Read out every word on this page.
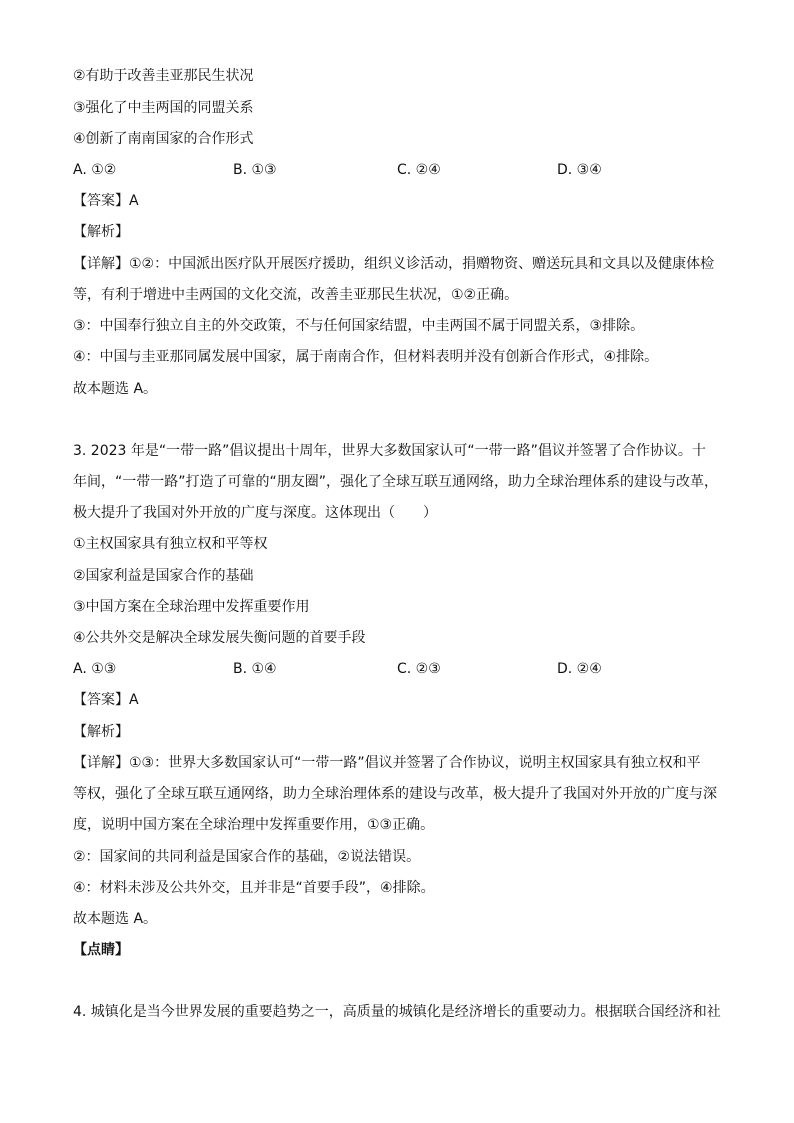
②有助于改善圭亚那民生状况
③强化了中圭两国的同盟关系
④创新了南南国家的合作形式
A. ①②	B. ①③	C. ②④	D. ③④
【答案】A
【解析】
【详解】①②：中国派出医疗队开展医疗援助，组织义诊活动，捐赠物资、赠送玩具和文具以及健康体检
等，有利于增进中圭两国的文化交流，改善圭亚那民生状况，①②正确。
③：中国奉行独立自主的外交政策，不与任何国家结盟，中圭两国不属于同盟关系，③排除。
④：中国与圭亚那同属发展中国家，属于南南合作，但材料表明并没有创新合作形式，④排除。
故本题选 A。
3. 2023 年是“一带一路”倡议提出十周年，世界大多数国家认可“一带一路”倡议并签署了合作协议。十
年间，“一带一路”打造了可靠的“朋友圈”，强化了全球互联互通网络，助力全球治理体系的建设与改革，
极大提升了我国对外开放的广度与深度。这体现出（　　）
①主权国家具有独立权和平等权
②国家利益是国家合作的基础
③中国方案在全球治理中发挥重要作用
④公共外交是解决全球发展失衡问题的首要手段
A. ①③	B. ①④	C. ②③	D. ②④
【答案】A
【解析】
【详解】①③：世界大多数国家认可“一带一路”倡议并签署了合作协议，说明主权国家具有独立权和平
等权，强化了全球互联互通网络，助力全球治理体系的建设与改革，极大提升了我国对外开放的广度与深
度，说明中国方案在全球治理中发挥重要作用，①③正确。
②：国家间的共同利益是国家合作的基础，②说法错误。
④：材料未涉及公共外交，且并非是“首要手段”，④排除。
故本题选 A。
【点睛】
4. 城镇化是当今世界发展的重要趋势之一，高质量的城镇化是经济增长的重要动力。根据联合国经济和社
